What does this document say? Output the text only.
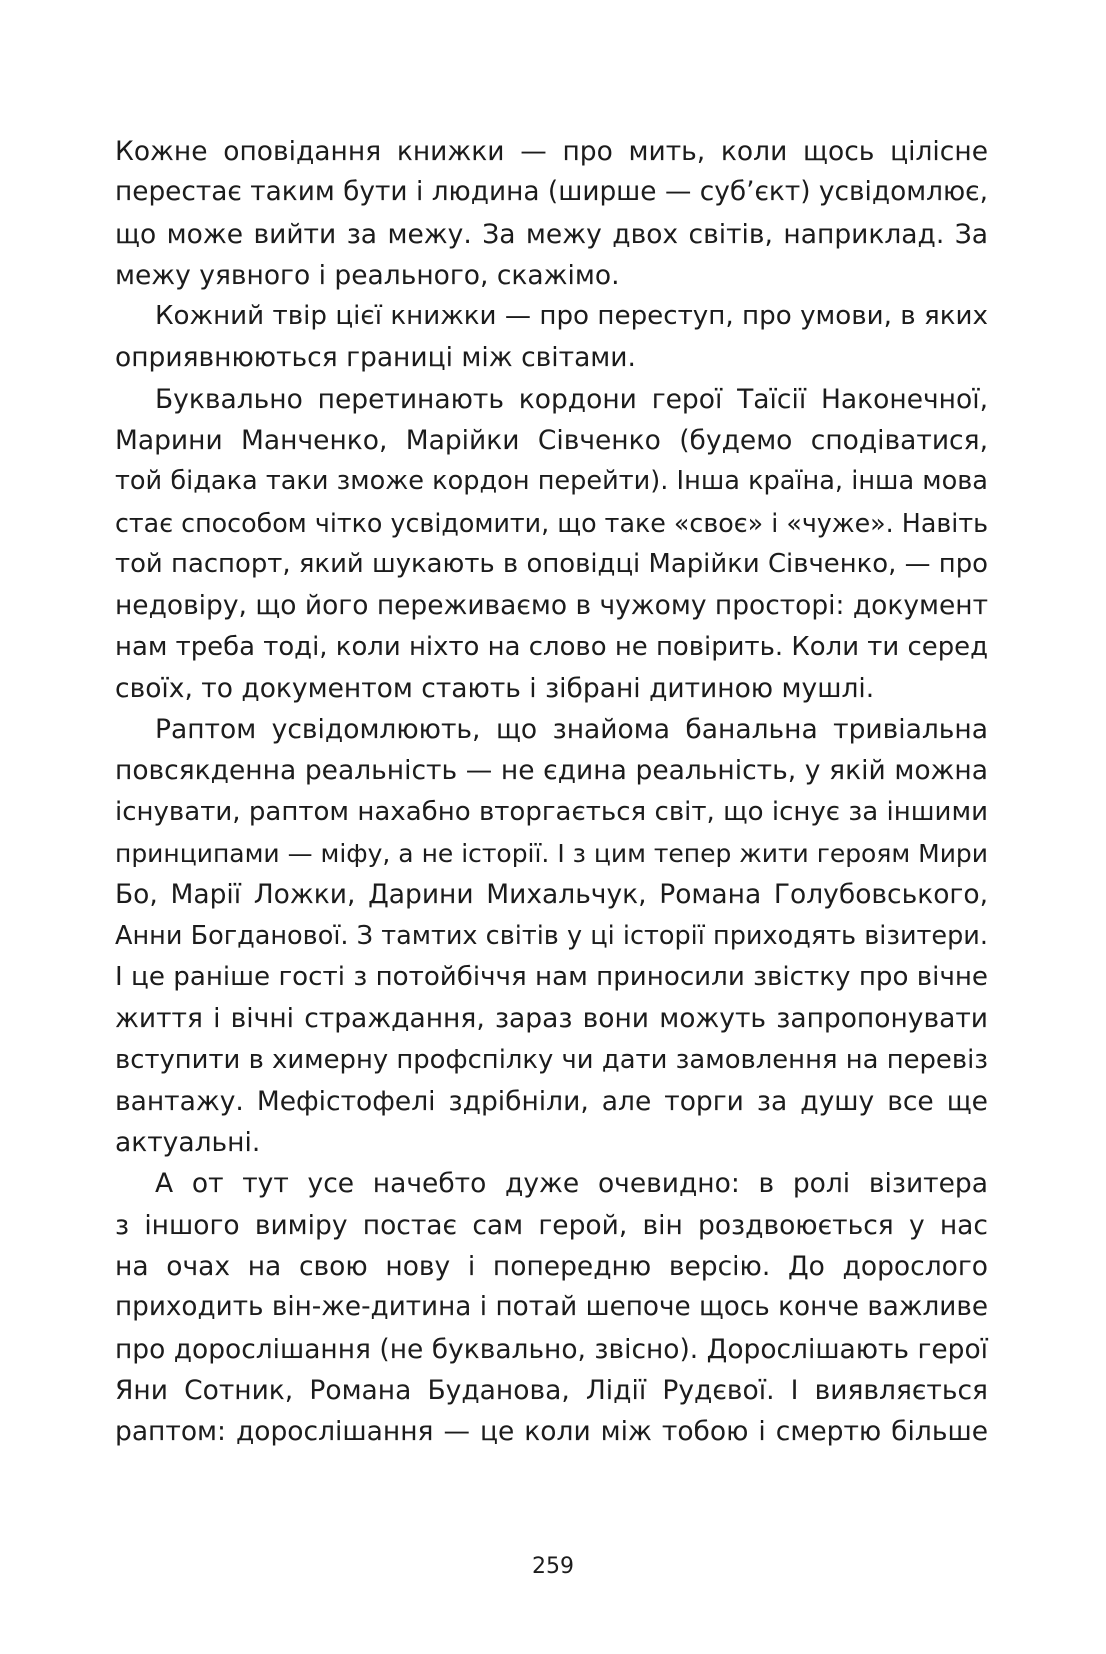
Кожне оповідання книжки — про мить, коли щось цілісне
перестає таким бути і людина (ширше — суб’єкт) усвідомлює,
що може вийти за межу. За межу двох світів, наприклад. За
межу уявного і реального, скажімо.
Кожний твір цієї книжки — про переступ, про умови, в яких
оприявнюються границі між світами.
Буквально перетинають кордони герої Таїсії Наконечної,
Марини Манченко, Марійки Сівченко (будемо сподіватися,
той бідака таки зможе кордон перейти). Інша країна, інша мова
стає способом чітко усвідомити, що таке «своє» і «чуже». Навіть
той паспорт, який шукають в оповідці Марійки Сівченко, — про
недовіру, що його переживаємо в чужому просторі: документ
нам треба тоді, коли ніхто на слово не повірить. Коли ти серед
своїх, то документом стають і зібрані дитиною мушлі.
Раптом усвідомлюють, що знайома банальна тривіальна
повсякденна реальність — не єдина реальність, у якій можна
існувати, раптом нахабно вторгається світ, що існує за іншими
принципами — міфу, а не історії. І з цим тепер жити героям Мири
Бо, Марії Ложки, Дарини Михальчук, Романа Голубовського,
Анни Богданової. З тамтих світів у ці історії приходять візитери.
І це раніше гості з потойбіччя нам приносили звістку про вічне
життя і вічні страждання, зараз вони можуть запропонувати
вступити в химерну профспілку чи дати замовлення на перевіз
вантажу. Мефістофелі здрібніли, але торги за душу все ще
актуальні.
А от тут усе начебто дуже очевидно: в ролі візитера
з іншого виміру постає сам герой, він роздвоюється у нас
на очах на свою нову і попередню версію. До дорослого
приходить він-же-дитина і потай шепоче щось конче важливе
про дорослішання (не буквально, звісно). Дорослішають герої
Яни Сотник, Романа Буданова, Лідії Рудєвої. І виявляється
раптом: дорослішання — це коли між тобою і смертю більше
259
